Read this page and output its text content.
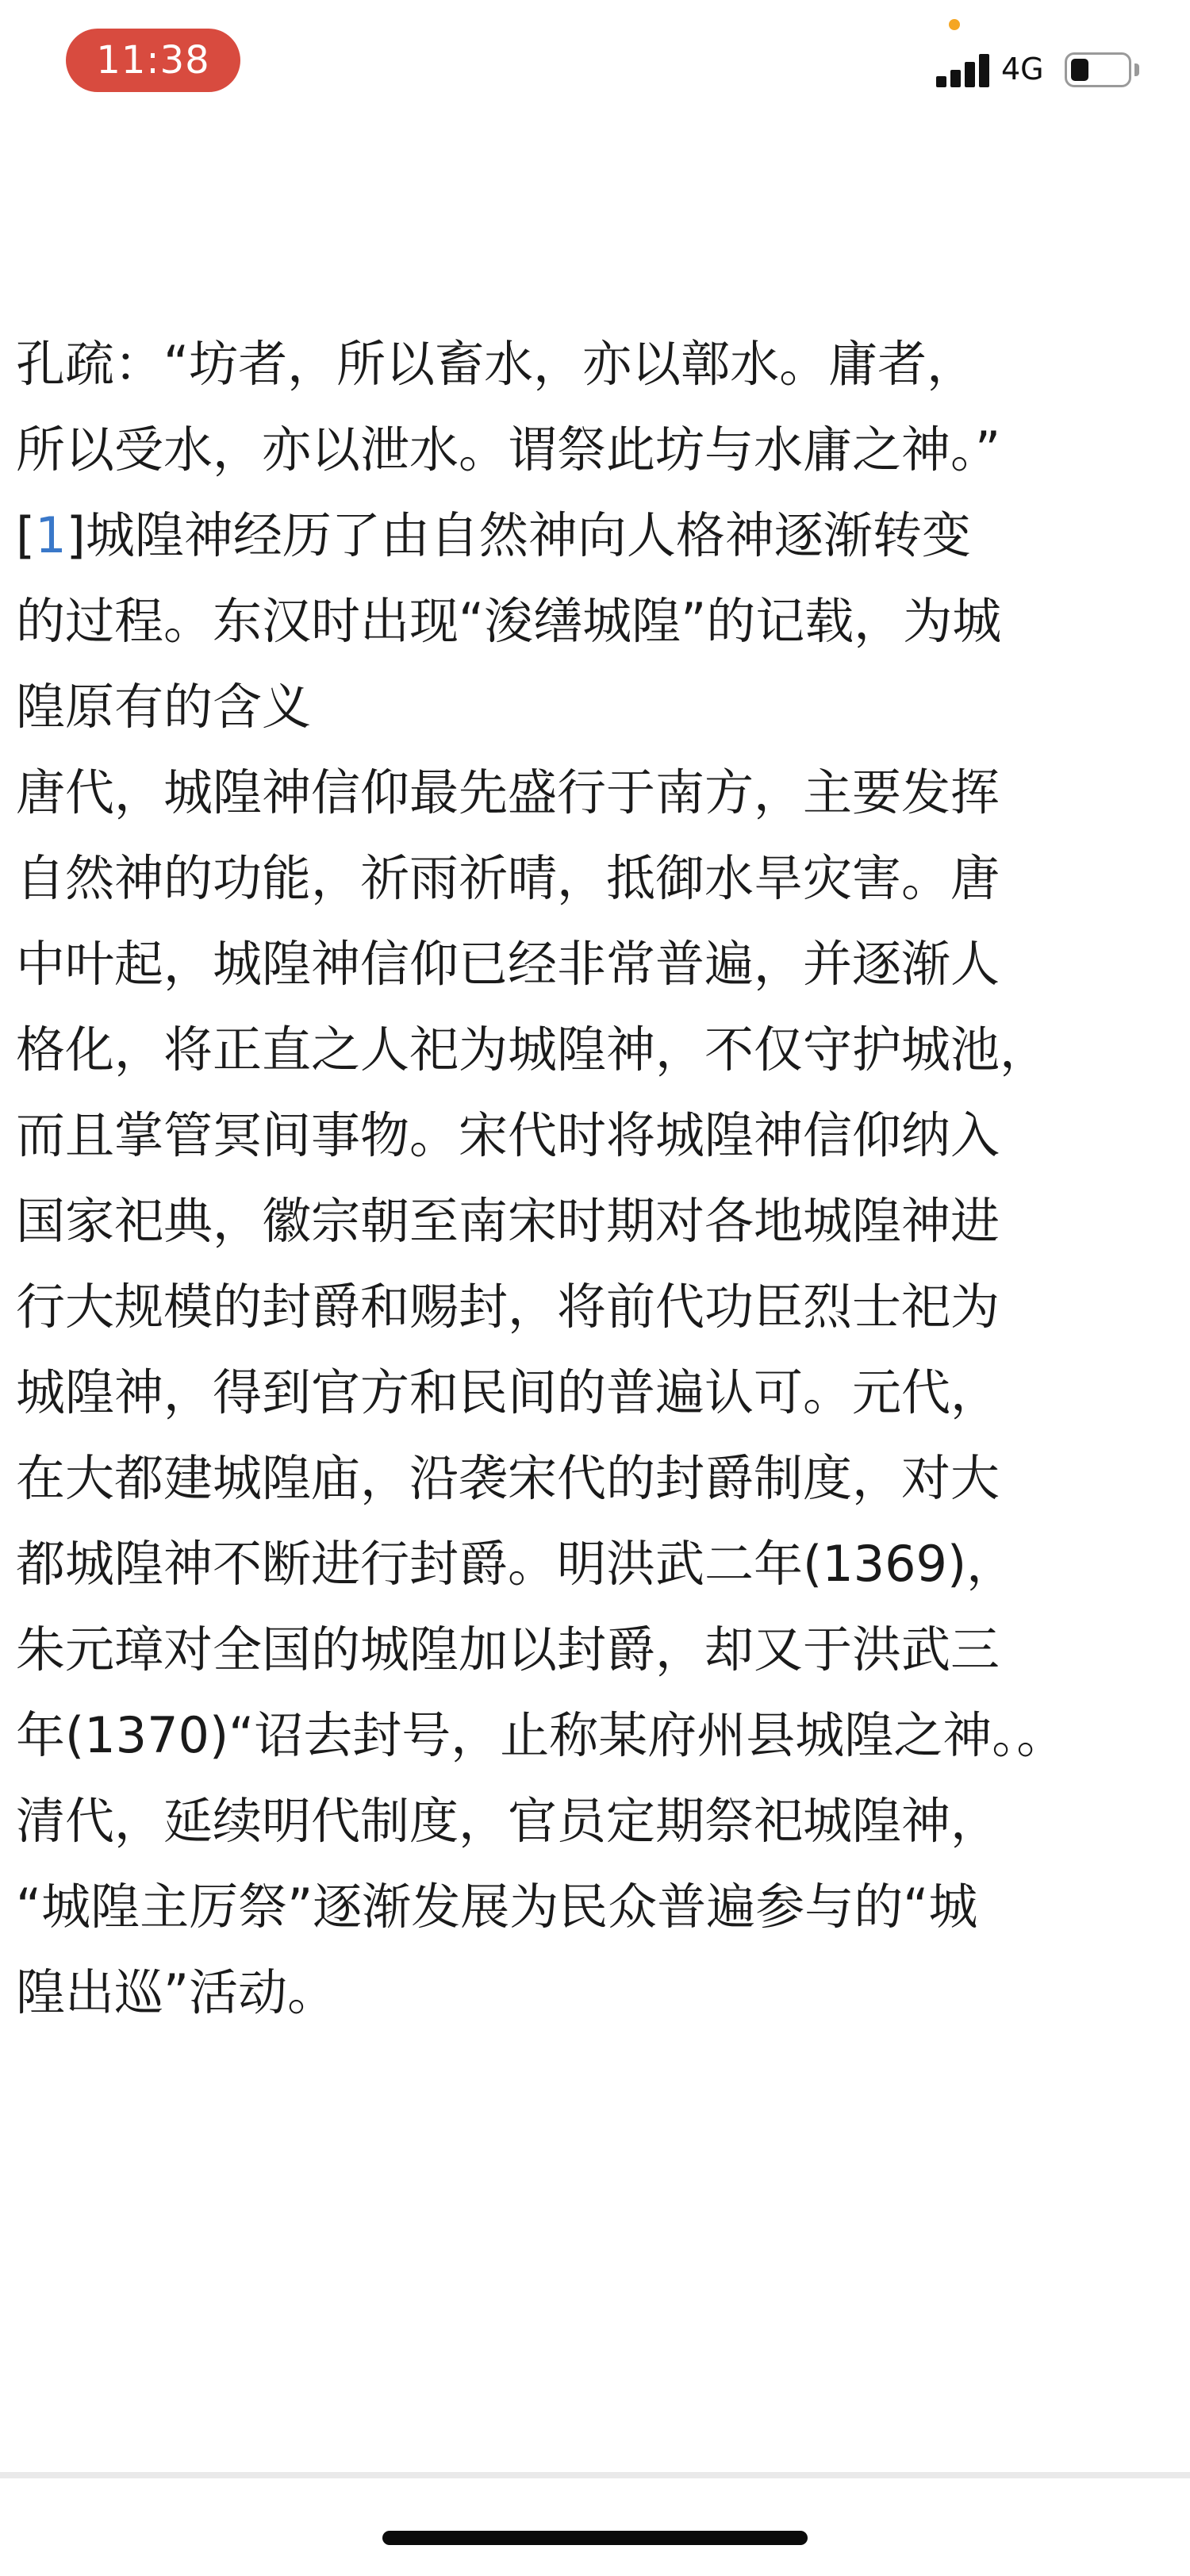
11:38	4G

孔疏：“坊者，所以畜水，亦以鄣水。庸者，

所以受水，亦以泄水。谓祭此坊与水庸之神。”

[1]城隍神经历了由自然神向人格神逐渐转变

的过程。东汉时出现“浚缮城隍”的记载，为城

隍原有的含义

唐代，城隍神信仰最先盛行于南方，主要发挥

自然神的功能，祈雨祈晴，抵御水旱灾害。唐

中叶起，城隍神信仰已经非常普遍，并逐渐人

格化，将正直之人祀为城隍神，不仅守护城池，

而且掌管冥间事物。宋代时将城隍神信仰纳入

国家祀典，徽宗朝至南宋时期对各地城隍神进

行大规模的封爵和赐封，将前代功臣烈士祀为

城隍神，得到官方和民间的普遍认可。元代，

在大都建城隍庙，沿袭宋代的封爵制度，对大

都城隍神不断进行封爵。明洪武二年(1369)，

朱元璋对全国的城隍加以封爵，却又于洪武三

年(1370)“诏去封号，止称某府州县城隍之神。。

清代，延续明代制度，官员定期祭祀城隍神，

“城隍主厉祭”逐渐发展为民众普遍参与的“城

隍出巡”活动。
